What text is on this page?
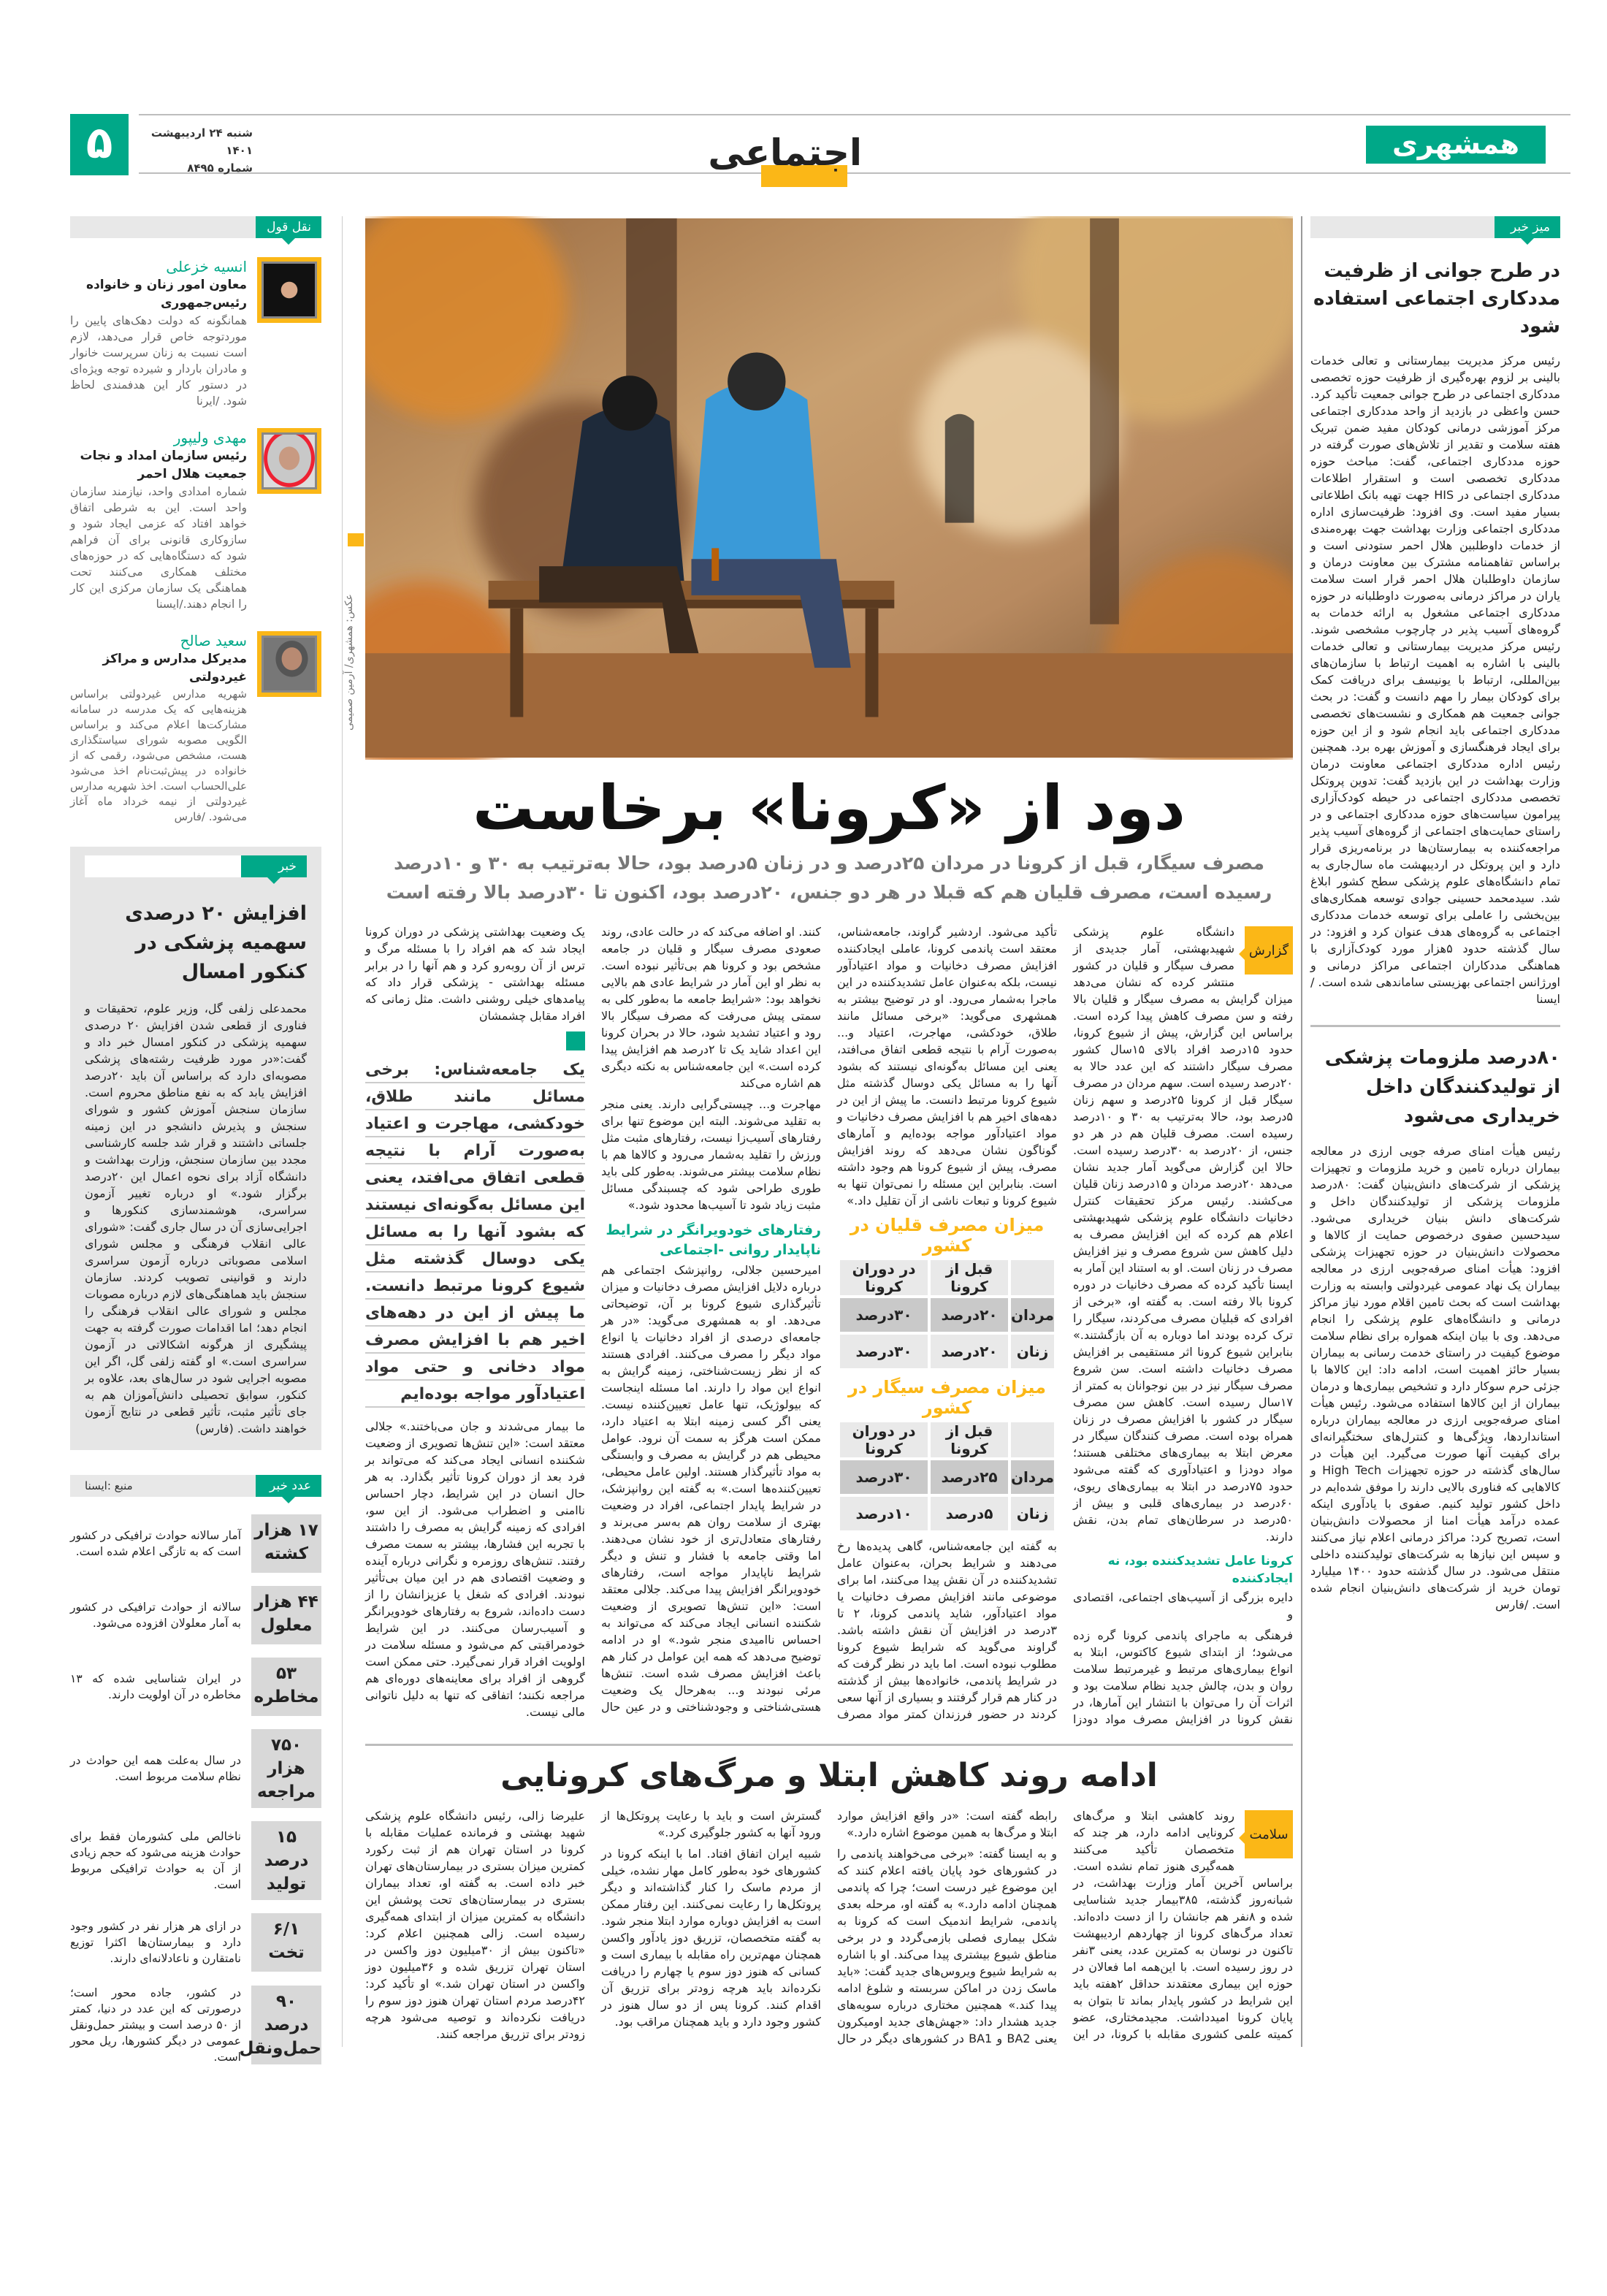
۵	شنبه ۲۴ اردیبهشت ۱۴۰۱
شماره ۸۴۹۵	اجتماعی	همشهری
میز خبر
در طرح جوانی از ظرفیت مددکاری اجتماعی استفاده شود
رئیس مرکز مدیریت بیمارستانی و تعالی خدمات بالینی بر لزوم بهره‌گیری از ظرفیت حوزه تخصصی مددکاری اجتماعی در طرح جوانی جمعیت تأکید کرد. حسن واعظی در بازدید از واحد مددکاری اجتماعی مرکز آموزشی درمانی کودکان مفید ضمن تبریک هفته سلامت و تقدیر از تلاش‌های صورت گرفته در حوزه مددکاری اجتماعی، گفت: مباحث حوزه مددکاری تخصصی است و استقرار اطلاعات مددکاری اجتماعی در HIS جهت تهیه بانک اطلاعاتی بسیار مفید است. وی افزود: ظرفیت‌سازی اداره مددکاری اجتماعی وزارت بهداشت جهت بهره‌مندی از خدمات داوطلبین هلال احمر ستودنی است و براساس تفاهمنامه مشترک بین معاونت درمان و سازمان داوطلبان هلال احمر قرار است سلامت یاران در مراکز درمانی به‌صورت داوطلبانه در حوزه مددکاری اجتماعی مشغول به ارائه خدمات به گروه‌های آسیب پذیر در چارچوب مشخصی شوند. رئیس مرکز مدیریت بیمارستانی و تعالی خدمات بالینی با اشاره به اهمیت ارتباط با سازمان‌های بین‌المللی، ارتباط با یونیسف برای دریافت کمک برای کودکان بیمار را مهم دانست و گفت: در بحث جوانی جمعیت هم همکاری و نشست‌های تخصصی مددکاری اجتماعی باید انجام شود و از این حوزه برای ایجاد فرهنگسازی و آموزش بهره برد. همچنین رئیس اداره مددکاری اجتماعی معاونت درمان وزارت بهداشت در این بازدید گفت: تدوین پروتکل تخصصی مددکاری اجتماعی در حیطه کودک‌آزاری پیرامون سیاست‌های حوزه مددکاری اجتماعی و در راستای حمایت‌های اجتماعی از گروه‌های آسیب پذیر مراجعه‌کننده به بیمارستان‌ها در برنامه‌ریزی قرار دارد و این پروتکل در اردیبهشت ماه سال‌جاری به تمام دانشگاه‌های علوم پزشکی سطح کشور ابلاغ شد. سیدمحمد حسینی جوادی توسعه همکاری‌های بین‌بخشی را عاملی برای توسعه خدمات مددکاری اجتماعی به گروه‌های هدف عنوان کرد و افزود: در سال گذشته حدود ۵هزار مورد کودک‌آزاری با هماهنگی مددکاران اجتماعی مراکز درمانی و اورژانس اجتماعی بهزیستی ساماندهی شده است. /ایسنا
۸۰درصد ملزومات پزشکی از تولیدکنندگان داخل خریداری می‌شود
رئیس هیأت امنای صرفه جویی ارزی در معالجه بیماران درباره تامین و خرید ملزومات و تجهیزات پزشکی از شرکت‌های دانش‌بنیان گفت: ۸۰درصد ملزومات پزشکی از تولیدکنندگان داخل و شرکت‌های دانش بنیان خریداری می‌شود. سیدحسین صفوی درخصوص حمایت از کالاها و محصولات دانش‌بنیان در حوزه تجهیزات پزشکی افزود: هیأت امنای صرفه‌جویی ارزی در معالجه بیماران یک نهاد عمومی غیردولتی وابسته به وزارت بهداشت است که بحث تامین اقلام مورد نیاز مراکز درمانی و دانشگاه‌های علوم پزشکی را انجام می‌دهد. وی با بیان اینکه همواره برای نظام سلامت موضوع کیفیت در راستای خدمت رسانی به بیماران بسیار حائز اهمیت است، ادامه داد: این کالاها با جزئی حرم سوکار دارد و تشخیص بیماری‌ها و درمان بیماران از این کالاها استفاده می‌شود. رئیس هیأت امنای صرفه‌جویی ارزی در معالجه بیماران درباره استانداردها، ویژگی‌ها و کنترل‌های سختگیرانه‌ای برای کیفیت آنها صورت می‌گیرد. این هیأت در سال‌های گذشته در حوزه تجهیزات High Tech و کالاهایی که فناوری بالایی دارند را موفق شده‌ایم در داخل کشور تولید کنیم. صفوی با یادآوری اینکه عمده درآمد هیأت امنا از محصولات دانش‌بنیان است، تصریح کرد: مراکز درمانی اعلام نیاز می‌کنند و سپس این نیازها به شرکت‌های تولیدکننده داخلی منتقل می‌شود. در سال گذشته حدود ۱۴۰۰ میلیارد تومان خرید از شرکت‌های دانش‌بنیان انجام شده است. /فارس
دود از «کرونا» برخاست
مصرف سیگار، قبل از کرونا در مردان ۲۵درصد و در زنان ۵درصد بود، حالا به‌ترتیب به ۳۰ و ۱۰درصد رسیده است، مصرف قلیان هم که قبلا در هر دو جنس، ۲۰درصد بود، اکنون تا ۳۰درصد بالا رفته است
گزارش
دانشگاه علوم پزشکی شهیدبهشتی، آمار جدیدی از مصرف سیگار و قلیان در کشور منتشر کرده که نشان می‌دهد میزان گرایش به مصرف سیگار و قلیان بالا رفته و سن مصرف کاهش پیدا کرده است. براساس این گزارش، پیش از شیوع کرونا، حدود ۱۵درصد افراد بالای ۱۵سال کشور مصرف سیگار داشتند که این عدد حالا به ۲۰درصد رسیده است. سهم مردان در مصرف سیگار قبل از کرونا ۲۵درصد و سهم زنان ۵درصد بود، حالا به‌ترتیب به ۳۰ و ۱۰درصد رسیده است. مصرف قلیان هم در هر دو جنس، از ۲۰درصد به ۳۰درصد رسیده است. حالا این گزارش می‌گوید آمار جدید نشان می‌دهد ۲۰درصد مردان و ۱۵درصد زنان قلیان می‌کشند. رئیس مرکز تحقیقات کنترل دخانیات دانشگاه علوم پزشکی شهیدبهشتی اعلام هم کرده که این افزایش مصرف به دلیل کاهش سن شروع مصرف و نیز افزایش مصرف در زنان است. او به استناد این آمار به ایسنا تأکید کرده که مصرف دخانیات در دوره کرونا بالا رفته است. به گفته او، «برخی از افرادی که قبلیان مصرف می‌کردند، سیگار را ترک کرده بودند اما دوباره به آن بازگشتند.» بنابراین شیوع کرونا اثر مستقیمی بر افزایش مصرف دخانیات داشته است. سن شروع مصرف سیگار نیز در بین نوجوانان به کمتر از ۱۷سال رسیده است. کاهش سن مصرف سیگار در کشور با افزایش مصرف در زنان همراه بوده است. مصرف کنندگان سیگار در معرض ابتلا به بیماری‌های مختلفی هستند؛ مواد دودزا و اعتیادآوری که گفته می‌شود حدود ۷۵درصد در ابتلا به بیماری‌های ریوی، ۶۰درصد در بیماری‌های قلبی و بیش از ۵۰درصد در سرطان‌های تمام بدن، نقش دارند.
کرونا عامل تشدیدکننده بود، نه ایجادکننده
دایره بزرگی از آسیب‌های اجتماعی، اقتصادی و
فرهنگی به ماجرای پاندمی کرونا گره زده می‌شود؛ از ابتدای شیوع کاکتوس، ابتلا به انواع بیماری‌های مرتبط و غیرمرتبط سلامت روان و بدن، چالش جدید نظام سلامت بود و اثرات آن را می‌توان با انتشار این آمارها، در نقش کرونا در افزایش مصرف مواد دودزا تأکید می‌شود. اردشیر گراوند، جامعه‌شناس، معتقد است پاندمی کرونا، عاملی ایجادکننده افزایش مصرف دخانیات و مواد اعتیادآور نیست، بلکه به‌عنوان عامل تشدیدکننده در این ماجرا به‌شمار می‌رود. او در توضیح بیشتر به همشهری می‌گوید: «برخی مسائل مانند طلاق، خودکشی، مهاجرت، اعتیاد و... به‌صورت آرام با نتیجه قطعی اتفاق می‌افتد، یعنی این مسائل به‌گونه‌ای نیستند که بشود آنها را به مسائل یکی دوسال گذشته مثل شیوع کرونا مرتبط دانست. ما پیش از این در دهه‌های اخیر هم با افزایش مصرف دخانیات و مواد اعتیادآور مواجه بوده‌ایم و آمارهای گوناگون نشان می‌دهد که روند افزایش مصرف، پیش از شیوع کرونا هم وجود داشته است. بنابراین این مسئله را نمی‌توان تنها به شیوع کرونا و تبعات ناشی از آن تقلیل داد.»
میزان مصرف قلیان در کشور
	قبل از کرونا	در دوران کرونا
مردان	۲۰درصد	۳۰درصد
زنان	۲۰درصد	۳۰درصد
میزان مصرف سیگار در کشور
	قبل از کرونا	در دوران کرونا
مردان	۲۵درصد	۳۰درصد
زنان	۵درصد	۱۰درصد
به گفته این جامعه‌شناس، گاهی پدیده‌ها رخ می‌دهند و شرایط بحران، به‌عنوان عامل تشدیدکننده در آن نقش پیدا می‌کنند، اما برای موضوعی مانند افزایش مصرف دخانیات یا مواد اعتیادآور، شاید پاندمی کرونا، ۲ تا ۳درصد در افزایش آن نقش داشته باشد. گراوند می‌گوید که شرایط شیوع کرونا مطلوب نبوده است. اما باید در نظر گرفت که در شرایط پاندمی، خانواده‌ها بیش از گذشته در کنار هم قرار گرفتند و بسیاری از آنها سعی کردند در حضور فرزندان کمتر مواد مصرف کنند. او اضافه می‌کند که در حالت عادی، روند صعودی مصرف سیگار و قلیان در جامعه مشخص بود و کرونا هم بی‌تأثیر نبوده است. به نظر او این آمار در شرایط عادی هم بالایی نخواهد بود: «شرایط جامعه ما به‌طور کلی به سمتی پیش می‌رفت که مصرف سیگار بالا رود و اعتیاد تشدید شود، حالا در بحران کرونا این اعداد شاید یک تا ۲درصد هم افزایش پیدا کرده است.» این جامعه‌شناس به نکته دیگری هم اشاره می‌کند
مهاجرت و... چیستی‌گرایی دارند. یعنی منجر به تقلید می‌شوند. البته این موضوع تنها برای رفتارهای آسیب‌زا نیست، رفتارهای مثبت مثل ورزش را تقلید به‌شمار می‌رود و کالاها هم با نظام سلامت بیشتر می‌شوند. به‌طور کلی باید طوری طراحی شود که چسبندگی مسائل مثبت زیاد شود تا آسیب‌ها محدود شود.»
رفتارهای خودویرانگر در شرایط ناپایدار روانی -اجتماعی
امیرحسین جلالی، روانپزشک اجتماعی هم درباره دلایل افزایش مصرف دخانیات و میزان تأثیرگذاری شیوع کرونا بر آن، توضیحاتی می‌دهد. او به همشهری می‌گوید: «در هر جامعه‌ای درصدی از افراد دخانیات یا انواع مواد دیگر را مصرف می‌کنند. افرادی هستند که از نظر زیست‌شناختی، زمینه گرایش به انواع این مواد را دارند. اما مسئله اینجاست که بیولوژیک، تنها عامل تعیین‌کننده نیست. یعنی اگر کسی زمینه ابتلا به اعتیاد دارد، ممکن است هرگز به سمت آن نرود. عوامل محیطی هم در گرایش به مصرف و وابستگی به مواد تأثیرگذار هستند. اولین عامل محیطی، تعیین‌کننده‌ها است.» به گفته این روانپزشک، در شرایط پایدار اجتماعی، افراد در وضعیت بهتری از سلامت روان هم به‌سر می‌برند و رفتارهای متعادل‌تری از خود نشان می‌دهند. اما وقتی جامعه با فشار و تنش و دیگر شرایط ناپایدار مواجه است، رفتارهای خودویرانگر افزایش پیدا می‌کند. جلالی معتقد است: «این تنش‌ها تصویری از وضعیت شکننده انسانی ایجاد می‌کند که می‌تواند به احساس ناامیدی منجر شود.» او در ادامه توضیح می‌دهد که همه این عوامل در کنار هم باعث افزایش مصرف شده است. تنش‌ها مرئی نبودند و... به‌هرحال یک وضعیت هستی‌شناختی و وجودشناختی و در عین حال یک وضعیت بهداشتی پزشکی در دوران کرونا ایجاد شد که هم افراد را با مسئله مرگ و ترس از آن روبه‌رو کرد و هم آنها را در برابر مسئله بهداشتی - پزشکی قرار داد که پیامدهای خیلی روشنی داشت. مثل زمانی که افراد مقابل چشمشان
یک جامعه‌شناس: برخی مسائل مانند طلاق، خودکشی، مهاجرت و اعتیاد به‌صورت آرام با نتیجه قطعی اتفاق می‌افتد، یعنی این مسائل به‌گونه‌ای نیستند که بشود آنها را به مسائل یکی دوسال گذشته مثل شیوع کرونا مرتبط دانست. ما پیش از این در دهه‌های اخیر هم با افزایش مصرف مواد دخانی و حتی مواد اعتیادآور مواجه بوده‌ایم
ما بیمار می‌شدند و جان می‌باختند.» جلالی معتقد است: «این تنش‌ها تصویری از وضعیت شکننده انسانی ایجاد می‌کند که می‌تواند بر فرد بعد از دوران کرونا تأثیر بگذارد. به هر حال انسان در این شرایط، دچار احساس ناامنی و اضطراب می‌شود. از این سو، افرادی که زمینه گرایش به مصرف را داشتند با تجربه این فشارها، بیشتر به سمت مصرف رفتند. تنش‌های روزمره و نگرانی درباره آینده و وضعیت اقتصادی هم در این میان بی‌تأثیر نبودند. افرادی که شغل یا عزیزانشان را از دست داده‌اند، شروع به رفتارهای خودویرانگر و آسیب‌رسان می‌کنند. در این شرایط خودمراقبتی کم می‌شود و مسئله سلامت در اولویت افراد قرار نمی‌گیرد. حتی ممکن است گروهی از افراد برای معاینه‌های دوره‌ای هم مراجعه نکنند؛ اتفاقی که تنها به دلیل ناتوانی مالی نیست.
ادامه روند کاهش ابتلا و مرگ‌های کرونایی
سلامت
روند کاهشی ابتلا و مرگ‌های کرونایی ادامه دارد، هر چند که متخصصان تأکید می‌کنند همه‌گیری هنوز تمام نشده است. براساس آخرین آمار وزارت بهداشت، در شبانه‌روز گذشته، ۳۸۵بیمار جدید شناسایی شده و ۸نفر هم جانشان را از دست داده‌اند. تعداد مرگ‌های کرونا از چهاردهم اردیبهشت تاکنون در نوسان به کمترین عدد، یعنی ۳نفر در روز رسیده است. با این‌همه اما فعالان در حوزه این بیماری معتقدند حداقل ۲هفته باید این شرایط در کشور پایدار بماند تا بتوان به پایان کرونا امیدداشت. مجیدمختاری، عضو کمیته علمی کشوری مقابله با کرونا، در این رابطه گفته است: «در واقع افزایش موارد ابتلا و مرگ‌ها به همین موضوع اشاره دارد.»
و به ایسنا گفته: «برخی می‌خواهند پاندمی را در کشورهای خود پایان یافته اعلام کنند که این موضوع غیر درست است؛ چرا که پاندمی همچنان ادامه دارد.» به گفته او، مرحله بعدی پاندمی، شرایط اندمیک است که کرونا به شکل بیماری فصلی بازمی‌گردد و در برخی مناطق شیوع بیشتری پیدا می‌کند. او با اشاره به شرایط شیوع ویروس‌های جدید گفت: «باید ماسک زدن در اماکن سربسته و شلوغ ادامه پیدا کند.» همچنین مختاری درباره سویه‌های جدید هشدار داد: «جهش‌های جدید اومیکرون یعنی BA2 و BA1 در کشورهای دیگر در حال گسترش است و باید با رعایت پروتکل‌ها از ورود آنها به کشور جلوگیری کرد.»
شبیه ایران اتفاق افتاد. اما با اینکه کرونا در کشورهای خود به‌طور کامل مهار نشده، خیلی از مردم ماسک را کنار گذاشته‌اند و دیگر پروتکل‌ها را رعایت نمی‌کنند. این رفتار ممکن است به افزایش دوباره موارد ابتلا منجر شود. به گفته متخصصان، تزریق دوز یادآور واکسن همچنان مهم‌ترین راه مقابله با بیماری است و کسانی که هنوز دوز سوم یا چهارم را دریافت نکرده‌اند باید هرچه زودتر برای تزریق آن اقدام کنند. کرونا پس از دو سال هنوز در کشور وجود دارد و باید همچنان مراقب بود.
علیرضا زالی، رئیس دانشگاه علوم پزشکی شهید بهشتی و فرمانده عملیات مقابله با کرونا در استان تهران هم از ثبت رکورد کمترین میزان بستری در بیمارستان‌های تهران خبر داده است. به گفته او، تعداد بیماران بستری در بیمارستان‌های تحت پوشش این دانشگاه به کمترین میزان از ابتدای همه‌گیری رسیده است. زالی همچنین اعلام کرد: «تاکنون بیش از ۳۰میلیون دوز واکسن در استان تهران تزریق شده و ۳۶میلیون دوز واکسن در استان تهران شد.» او تأکید کرد: ۴۲درصد مردم استان تهران هنوز دوز سوم را دریافت نکرده‌اند و توصیه می‌شود هرچه زودتر برای تزریق مراجعه کنند.
نقل قول
انسیه خزعلی
معاون امور زنان و خانواده رئیس‌جمهوری
همانگونه که دولت دهک‌های پایین را موردتوجه خاص قرار می‌دهد، لازم است نسبت به زنان سرپرست خانوار و مادران باردار و شیرده توجه ویژه‌ای در دستور کار این هدفمندی لحاظ شود. /ایرنا
مهدی ولیپور
رئیس سازمان امداد و نجات جمعیت هلال احمر
شماره امدادی واحد، نیازمند سازمان واحد است. این به شرطی اتفاق خواهد افتاد که عزمی ایجاد شود و سازوکاری قانونی برای آن فراهم شود که دستگاه‌هایی که در حوزه‌های مختلف همکاری می‌کنند تحت هماهنگی یک سازمان مرکزی این کار را انجام دهند./ایسنا
سعید صالح
مدیرکل مدارس و مراکز غیردولتی
شهریه مدارس غیردولتی براساس هزینه‌هایی که یک مدرسه در سامانه مشارکت‌ها اعلام می‌کند و براساس الگویی مصوبه شورای سیاستگذاری هست، مشخص می‌شود، رقمی که از خانواده در پیش‌ثبت‌نام اخذ می‌شود علی‌الحساب است. اخذ شهریه مدارس غیردولتی از نیمه خرداد ماه آغاز می‌شود. /فارس
خبر
افزایش ۲۰ درصدی سهمیه پزشکی در کنکور امسال
محمدعلی زلفی گل، وزیر علوم، تحقیقات و فناوری از قطعی شدن افزایش ۲۰ درصدی سهمیه پزشکی در کنکور امسال خبر داد و گفت:«در مورد ظرفیت رشته‌های پزشکی مصوبه‌ای دارد که براساس آن باید ۲۰درصد افزایش یابد که به نفع مناطق محروم است. سازمان سنجش آموزش کشور و شورای سنجش و پذیرش دانشجو در این زمینه جلساتی داشتند و قرار شد جلسه کارشناسی مجدد بین سازمان سنجش، وزارت بهداشت و دانشگاه آزاد برای نحوه اعمال این ۲۰درصد برگزار شود.» او درباره تغییر آزمون سراسری، هوشمندسازی کنکورها و اجرایی‌سازی آن در سال جاری گفت: «شورای عالی انقلاب فرهنگی و مجلس شورای اسلامی مصوباتی درباره آزمون سراسری دارند و قوانینی تصویب کردند. سازمان سنجش باید هماهنگی‌های لازم درباره مصوبات مجلس و شورای عالی انقلاب فرهنگی را انجام دهد؛ اما اقدامات صورت گرفته به جهت پیشگیری از هرگونه اشکالاتی در آزمون سراسری است.» او گفته زلفی گل، اگر این مصوبه اجرایی شود در سال‌های بعد، علاوه بر کنکور، سوابق تحصیلی دانش‌آموزان هم به جای تأثیر مثبت، تأثیر قطعی در نتایج آزمون خواهند داشت. (فارس)
عدد خبر
منبع :ایسنا
۱۷ هزار
کشته
آمار سالانه حوادث ترافیکی در کشور است که به تازگی اعلام شده است.
۴۴ هزار
معلول
سالانه از حوادث ترافیکی در کشور به آمار معلولان افزوده می‌شود.
۵۳
مخاطره
در ایران شناسایی شده که ۱۳ مخاطره در آن اولویت دارند.
۷۵۰ هزار
مراجعه
در سال به‌علت همه این حوادث در نظام سلامت مربوط است.
۱۵ درصد
تولید
ناخالص ملی کشورمان فقط برای حوادث هزینه می‌شود که حجم زیادی از آن به حوادث ترافیکی مربوط است.
۶/۱
تخت
در ازای هر هزار نفر در کشور وجود دارد و بیمارستان‌ها اکثرا توزیع نامتقارن و ناعادلانه‌ای دارند.
۹۰ درصد
حمل‌ونقل
در کشور، جاده محور است؛ درصورتی که این عدد در دنیا، کمتر از ۵۰ درصد است و بیشتر حمل‌ونقل عمومی در دیگر کشورها، ریل محور است.
عکس: همشهری/ آرمین صمیمی
